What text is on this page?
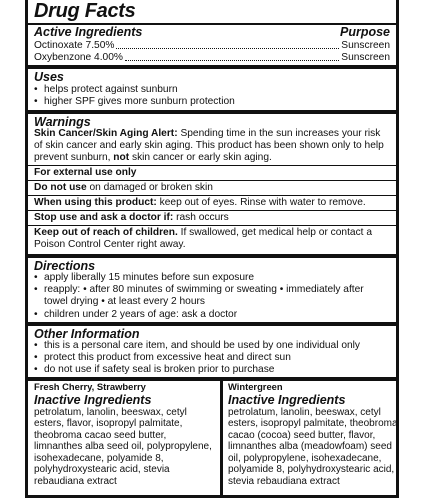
Drug Facts
Active Ingredients	Purpose
Octinoxate 7.50%	Sunscreen
Oxybenzone 4.00%	Sunscreen
Uses
• helps protect against sunburn
• higher SPF gives more sunburn protection
Warnings
Skin Cancer/Skin Aging Alert: Spending time in the sun increases your risk of skin cancer and early skin aging. This product has been shown only to help prevent sunburn, not skin cancer or early skin aging.
For external use only
Do not use on damaged or broken skin
When using this product: keep out of eyes. Rinse with water to remove.
Stop use and ask a doctor if: rash occurs
Keep out of reach of children. If swallowed, get medical help or contact a Poison Control Center right away.
Directions
• apply liberally 15 minutes before sun exposure
• reapply: • after 80 minutes of swimming or sweating • immediately after towel drying • at least every 2 hours
• children under 2 years of age: ask a doctor
Other Information
• this is a personal care item, and should be used by one individual only
• protect this product from excessive heat and direct sun
• do not use if safety seal is broken prior to purchase
Fresh Cherry, Strawberry
Inactive Ingredients
petrolatum, lanolin, beeswax, cetyl esters, flavor, isopropyl palmitate, theobroma cacao seed butter, limnanthes alba seed oil, polypropylene, isohexadecane, polyamide 8, polyhydroxystearic acid, stevia rebaudiana extract
Wintergreen
Inactive Ingredients
petrolatum, lanolin, beeswax, cetyl esters, isopropyl palmitate, theobroma cacao (cocoa) seed butter, flavor, limnanthes alba (meadowfoam) seed oil, polypropylene, isohexadecane, polyamide 8, polyhydroxystearic acid, stevia rebaudiana extract
